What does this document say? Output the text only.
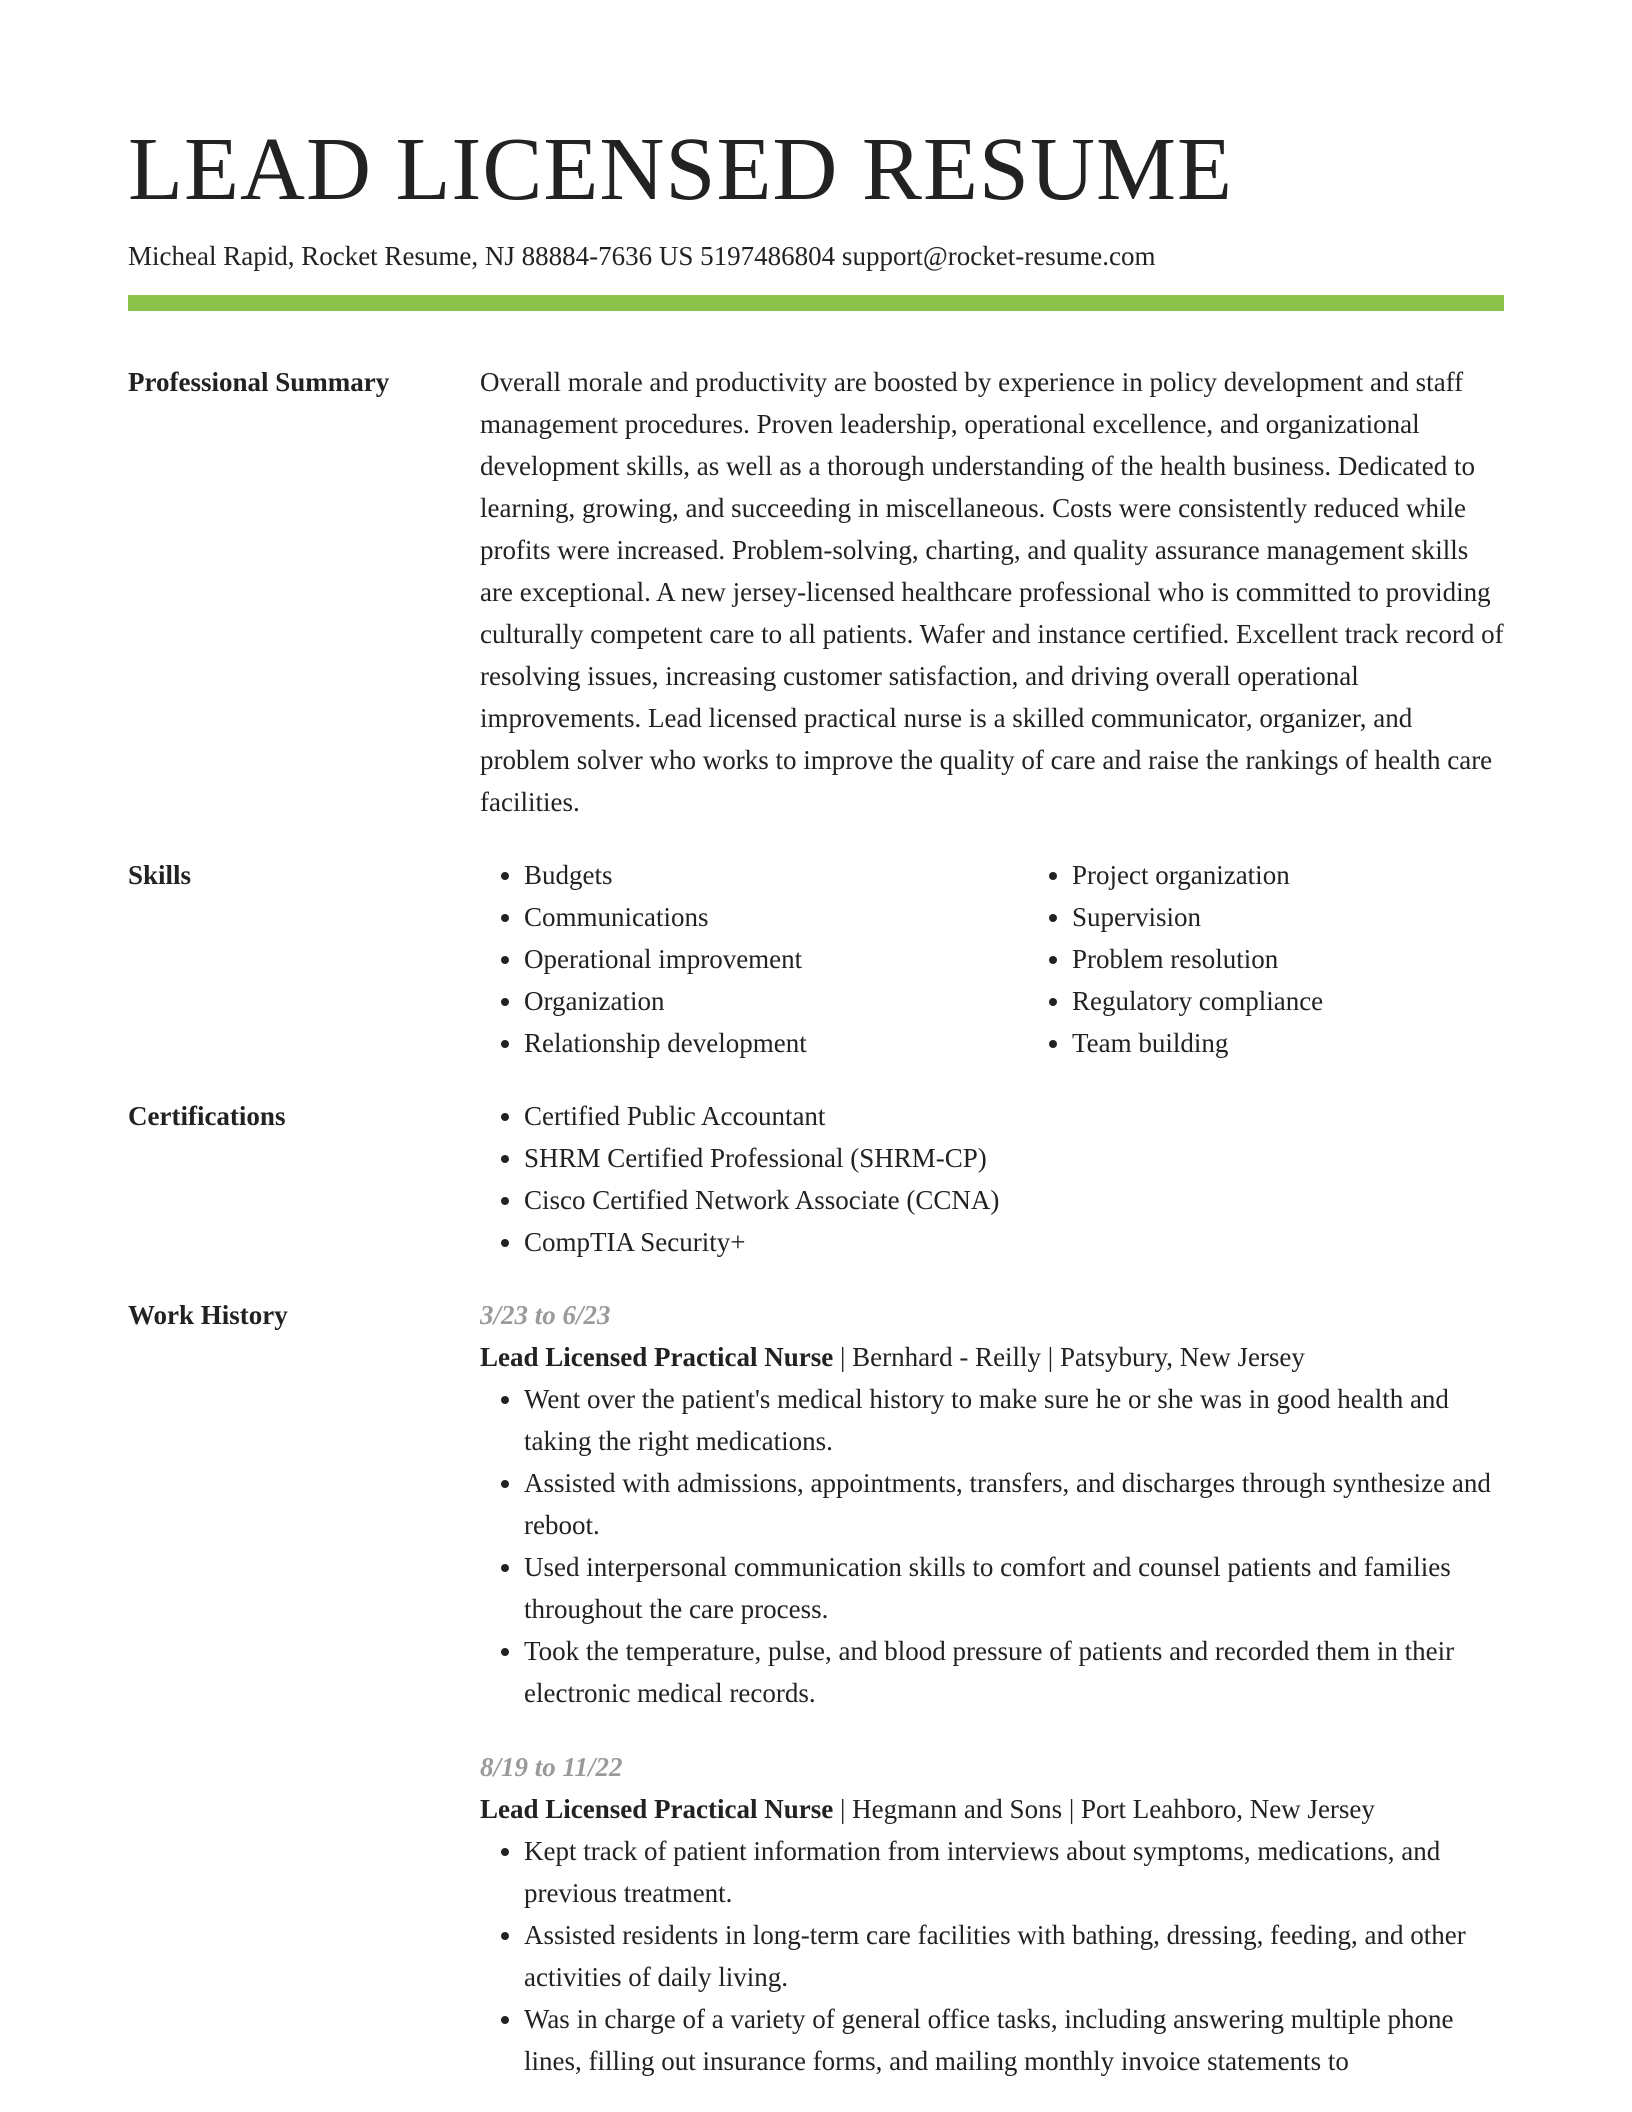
LEAD LICENSED RESUME
Micheal Rapid, Rocket Resume, NJ 88884-7636 US 5197486804 support@rocket-resume.com
Professional Summary	Overall morale and productivity are boosted by experience in policy development and staff management procedures. Proven leadership, operational excellence, and organizational development skills, as well as a thorough understanding of the health business. Dedicated to learning, growing, and succeeding in miscellaneous. Costs were consistently reduced while profits were increased. Problem-solving, charting, and quality assurance management skills are exceptional. A new jersey-licensed healthcare professional who is committed to providing culturally competent care to all patients. Wafer and instance certified. Excellent track record of resolving issues, increasing customer satisfaction, and driving overall operational improvements. Lead licensed practical nurse is a skilled communicator, organizer, and problem solver who works to improve the quality of care and raise the rankings of health care facilities.
Skills	• Budgets
• Communications
• Operational improvement
• Organization
• Relationship development
• Project organization
• Supervision
• Problem resolution
• Regulatory compliance
• Team building
Certifications	• Certified Public Accountant
• SHRM Certified Professional (SHRM-CP)
• Cisco Certified Network Associate (CCNA)
• CompTIA Security+
Work History	3/23 to 6/23
Lead Licensed Practical Nurse | Bernhard - Reilly | Patsybury, New Jersey
• Went over the patient's medical history to make sure he or she was in good health and taking the right medications.
• Assisted with admissions, appointments, transfers, and discharges through synthesize and reboot.
• Used interpersonal communication skills to comfort and counsel patients and families throughout the care process.
• Took the temperature, pulse, and blood pressure of patients and recorded them in their electronic medical records.
8/19 to 11/22
Lead Licensed Practical Nurse | Hegmann and Sons | Port Leahboro, New Jersey
• Kept track of patient information from interviews about symptoms, medications, and previous treatment.
• Assisted residents in long-term care facilities with bathing, dressing, feeding, and other activities of daily living.
• Was in charge of a variety of general office tasks, including answering multiple phone lines, filling out insurance forms, and mailing monthly invoice statements to
